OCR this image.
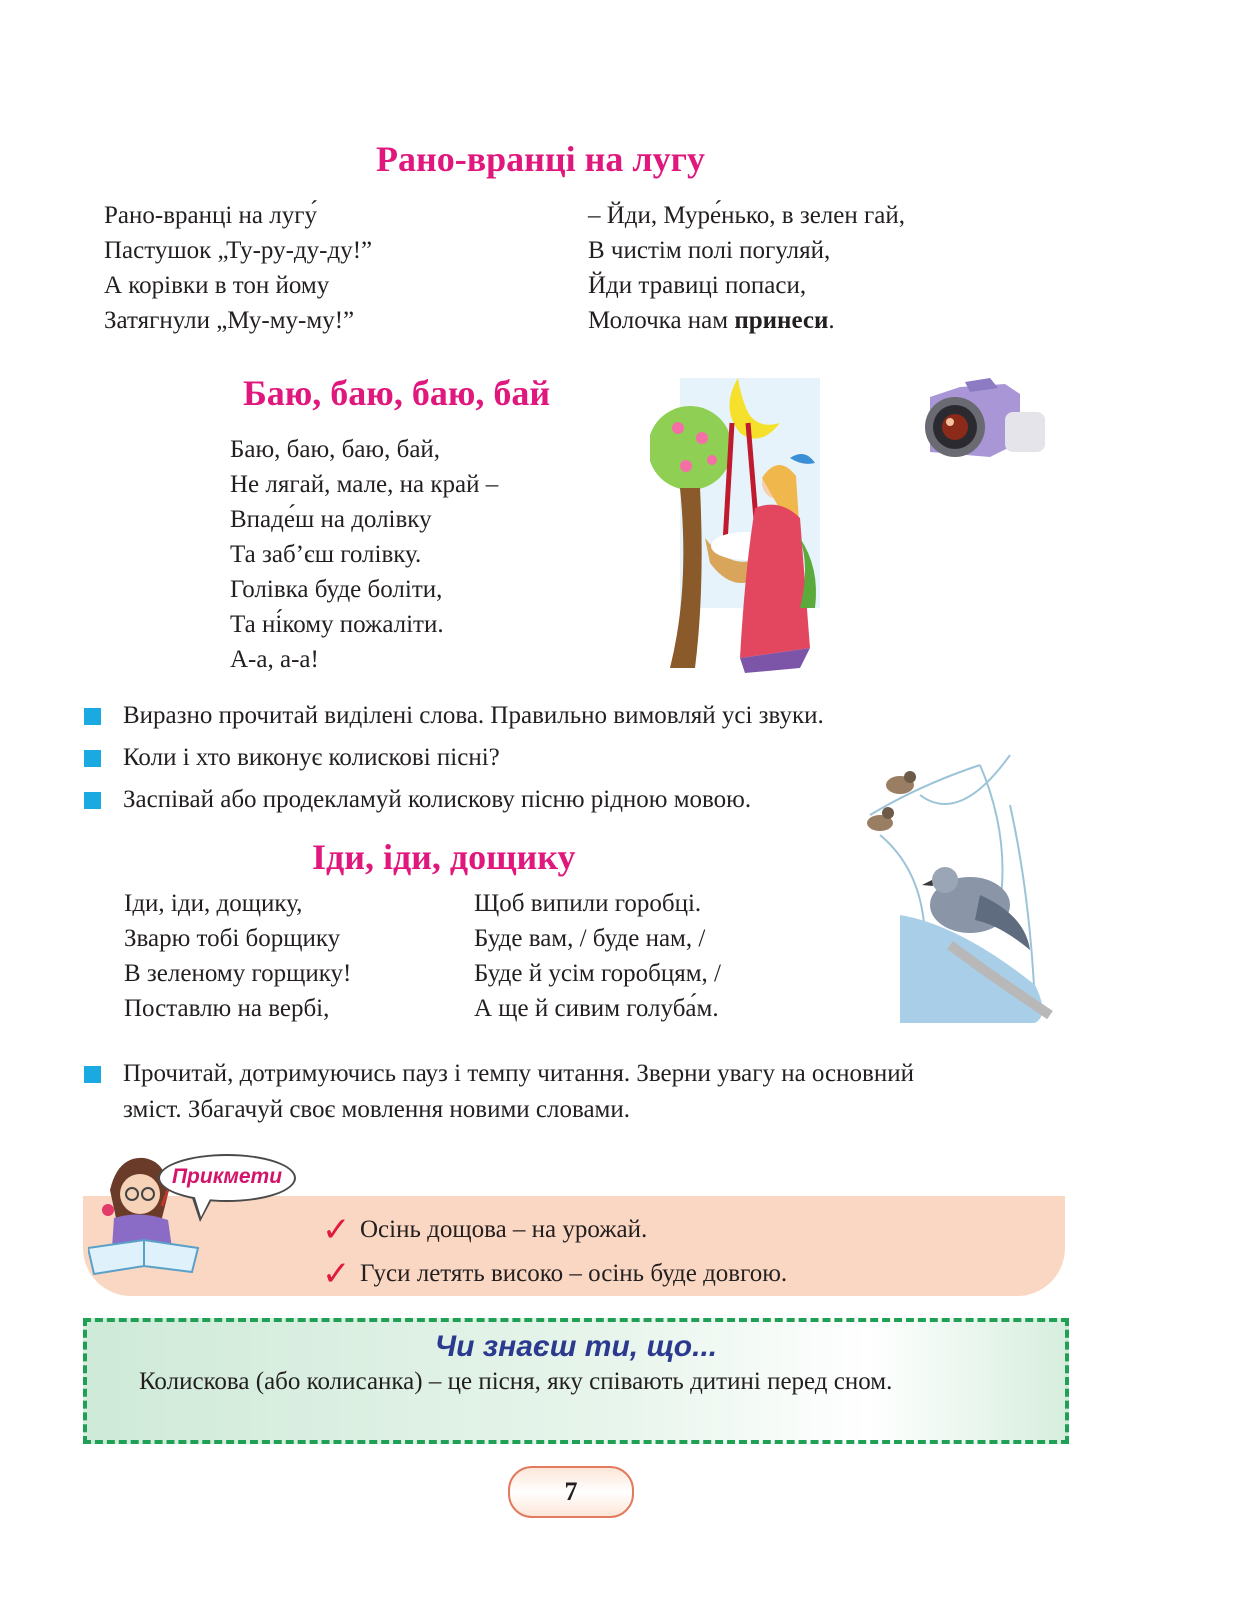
Рано-вранці на лугу
Рано-вранці на лугу́
Пастушок „Ту-ру-ду-ду!”
А корівки в тон йому
Затягнули „Му-му-му!”
– Йди, Муре́нько, в зелен гай,
В чистім полі погуляй,
Йди травиці попаси,
Молочка нам принеси.
Баю, баю, баю, бай
Баю, баю, баю, бай,
Не лягай, мале, на край –
Впаде́ш на долівку
Та заб’єш голівку.
Голівка буде боліти,
Та ні́кому пожаліти.
А-а, а-а!
Виразно прочитай виділені слова. Правильно вимовляй усі звуки.
Коли і хто виконує колискові пісні?
Заспівай або продекламуй колискову пісню рідною мовою.
Іди, іди, дощику
Іди, іди, дощику,
Зварю тобі борщику
В зеленому горщику!
Поставлю на вербі,
Щоб випили горобці.
Буде вам, / буде нам, /
Буде й усім горобцям, /
А ще й сивим голуба́м.
Прочитай, дотримуючись пауз і темпу читання. Зверни увагу на основний
зміст. Збагачуй своє мовлення новими словами.
✓ Осінь дощова – на урожай.
✓ Гуси летять високо – осінь буде довгою.
Прикмети
Чи знаєш ти, що...
Колискова (або колисанка) – це пісня, яку співають дитині перед сном.
7
